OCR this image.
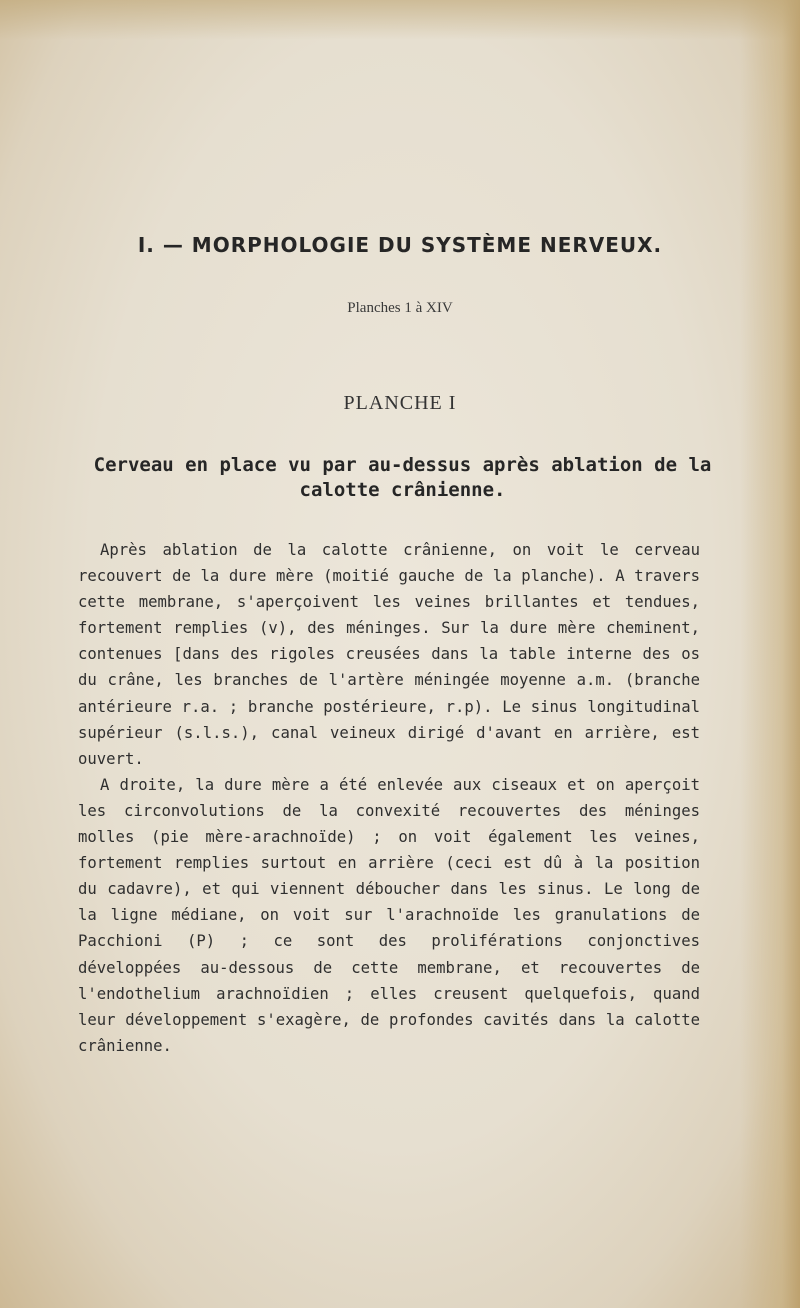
I. — MORPHOLOGIE DU SYSTÈME NERVEUX.
Planches 1 à XIV
PLANCHE I
Cerveau en place vu par au-dessus après ablation de la calotte crânienne.

Après ablation de la calotte crânienne, on voit le cerveau recouvert de la dure mère (moitié gauche de la planche). A travers cette membrane, s'aperçoivent les veines brillantes et tendues, fortement remplies (v), des méninges. Sur la dure mère cheminent, contenues [dans des rigoles creusées dans la table interne des os du crâne, les branches de l'artère méningée moyenne a.m. (branche antérieure r.a. ; branche postérieure, r.p). Le sinus longitudinal supérieur (s.l.s.), canal veineux dirigé d'avant en arrière, est ouvert.

A droite, la dure mère a été enlevée aux ciseaux et on aperçoit les circonvolutions de la convexité recouvertes des méninges molles (pie mère-arachnoïde) ; on voit également les veines, fortement remplies surtout en arrière (ceci est dû à la position du cadavre), et qui viennent déboucher dans les sinus. Le long de la ligne médiane, on voit sur l'arachnoïde les granulations de Pacchioni (P) ; ce sont des proliférations conjonctives développées au-dessous de cette membrane, et recouvertes de l'endothelium arachnoïdien ; elles creusent quelquefois, quand leur développement s'exagère, de profondes cavités dans la calotte crânienne.
